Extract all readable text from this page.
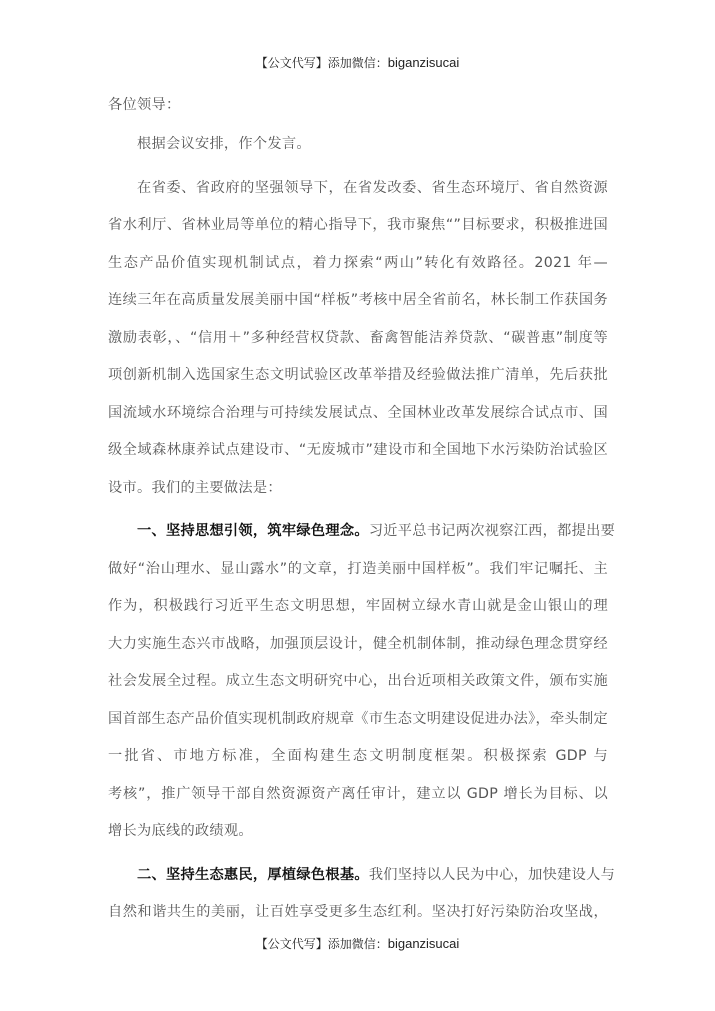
【公文代写】添加微信：biganzisucai
各位领导：
根据会议安排，作个发言。
在省委、省政府的坚强领导下，在省发改委、省生态环境厅、省自然资源
省水利厅、省林业局等单位的精心指导下，我市聚焦“”目标要求，积极推进国
生态产品价值实现机制试点，着力探索“两山”转化有效路径。2021 年—
连续三年在高质量发展美丽中国“样板”考核中居全省前名，林长制工作获国务
激励表彰，、“信用＋”多种经营权贷款、畜禽智能洁养贷款、“碳普惠”制度等
项创新机制入选国家生态文明试验区改革举措及经验做法推广清单，先后获批
国流域水环境综合治理与可持续发展试点、全国林业改革发展综合试点市、国
级全域森林康养试点建设市、“无废城市”建设市和全国地下水污染防治试验区
设市。我们的主要做法是：
一、坚持思想引领，筑牢绿色理念。习近平总书记两次视察江西，都提出要
做好“治山理水、显山露水”的文章，打造美丽中国样板”。我们牢记嘱托、主
作为，积极践行习近平生态文明思想，牢固树立绿水青山就是金山银山的理
大力实施生态兴市战略，加强顶层设计，健全机制体制，推动绿色理念贯穿经
社会发展全过程。成立生态文明研究中心，出台近项相关政策文件，颁布实施
国首部生态产品价值实现机制政府规章《市生态文明建设促进办法》，牵头制定
一批省、市地方标准，全面构建生态文明制度框架。积极探索 GDP 与
考核”，推广领导干部自然资源资产离任审计，建立以 GDP 增长为目标、以
增长为底线的政绩观。
二、坚持生态惠民，厚植绿色根基。我们坚持以人民为中心，加快建设人与
自然和谐共生的美丽，让百姓享受更多生态红利。坚决打好污染防治攻坚战，
【公文代写】添加微信：biganzisucai
